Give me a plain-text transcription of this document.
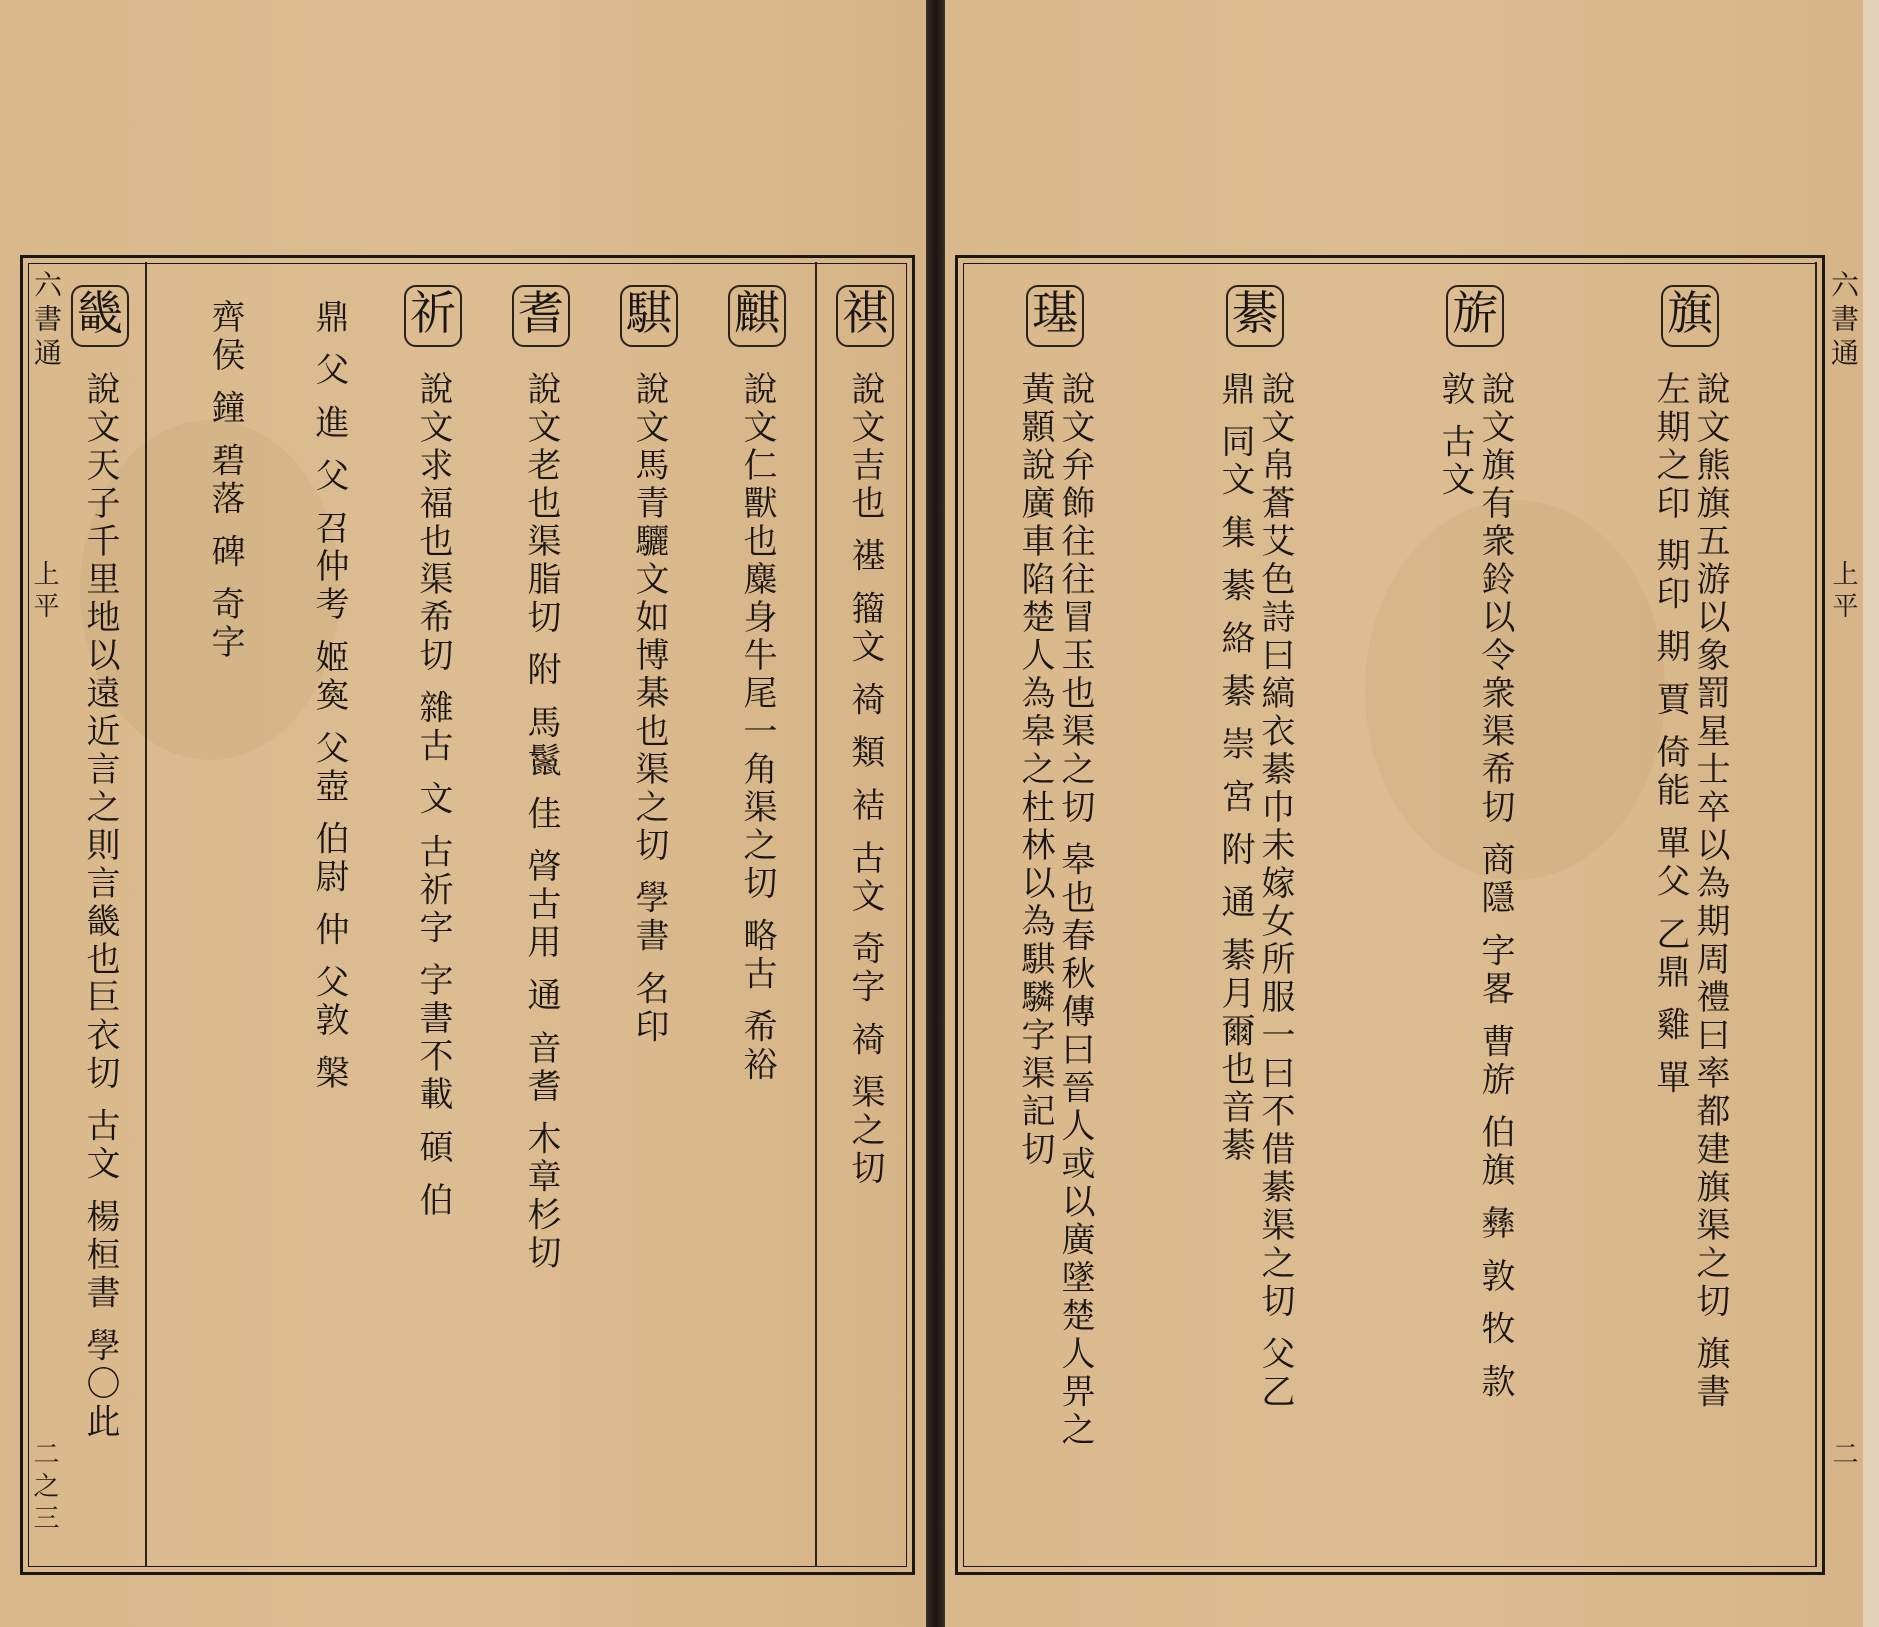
六書通
上平
二之三
祺
說文吉也 禥 籀文 䄎 類 袺 古文 奇字 䄎 渠之切
麒
說文仁獸也麋身牛尾一角渠之切 略古 希裕
騏
說文馬青驪文如博棊也渠之切 學書 名印
耆
說文老也渠脂切 附 馬鬣 佳 䏿古用 通 音耆 木章杉切
祈
說文求福也渠希切 雜古 文 古祈字 字書不載 碩 伯
鼎 父 進 父 召仲考 姬寏 父壺 伯尉 仲 父敦 槃
齊侯 鐘 碧落 碑 奇字
畿
說文天子千里地以遠近言之則言畿也巨衣切 古文 楊桓書 學〇此
六書通
上平
二
旗
說文熊旗五游以象罰星士卒以為期周禮曰率都建旗渠之切 旗書 左期之印 期印 期 賈 倚能 單父 乙鼎 雞 單
旂
說文旗有衆鈴以令衆渠希切 商隱 字畧 曹旂 伯旗 彝 敦 牧 款 敦 古文
綦
說文帛蒼艾色詩曰縞衣綦巾未嫁女所服一曰不借綦渠之切 父乙 鼎 同文 集 綦 絡 綦 崇 宮 附 通 綦月爾也音綦
璂
說文弁飾往往冒玉也渠之切 皋也春秋傳曰晉人或以廣墜楚人畀之黃顥說廣車陷楚人為皋之杜林以為騏驎字渠記切
